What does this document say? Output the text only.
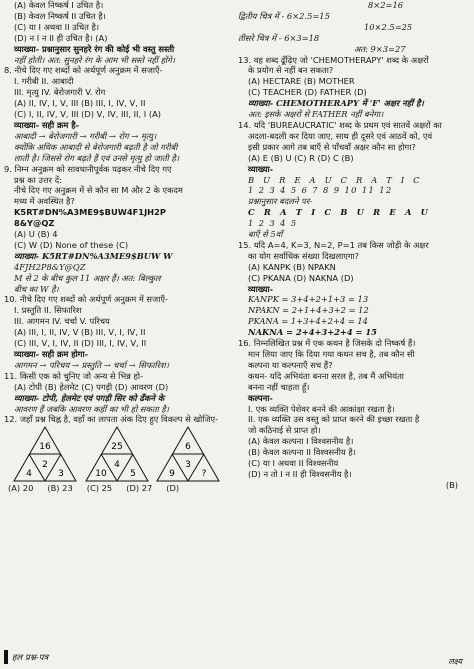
(A) केवल निष्कर्ष I उचित है।
(B) केवल निष्कर्ष II उचित है।
(C) या I अथवा II उचित है।
(D) न I न II ही उचित है। (A)
व्याख्या- प्रश्नानुसार सुनहरे रंग की कोई भी वस्तु सस्ती
नहीं होती। अत: सुनहरे रंग के आम भी सस्ते नहीं होंगे।
8. नीचे दिए गए शब्दों को अर्थपूर्ण अनुक्रम में सजाएँ-
I. गरीबी II. आबादी
III. मृत्यु IV. बेरोजगारी V. रोग
(A) II, IV, I, V, III (B) III, I, IV, V, II
(C) I, II, IV, V, III (D) V, IV, III, II, I (A)
व्याख्या- सही क्रम है-
आबादी → बेरोजगारी → गरीबी → रोग → मृत्यु।
क्योंकि अधिक आबादी से बेरोजगारी बढ़ती है जो गरीबी
लाती है। जिससे रोग बढ़ते हैं एवं उनसे मृत्यु हो जाती है।
9. निम्न अनुक्रम को सावधानीपूर्वक पढ़कर नीचे दिए गए
प्रश्न का उत्तर दें:
नीचे दिए गए अनुक्रम में से कौन सा M और 2 के एकदम
मध्य में अवस्थित है?
K5RT#DN%A3ME9$BUW4F1JH2P
8&Y@QZ
(A) U (B) 4
(C) W (D) None of these (C)
व्याख्या- K5RT#DN%A3ME9$BUW W
4FJH2P8&Y@QZ
M से 2 के बीच कुल 11 अक्षर हैं। अत: बिल्कुल
बीच का W है।
10. नीचे दिए गए शब्दों को अर्थपूर्ण अनुक्रम में सजाएँ-
I. प्रस्तुति II. सिफारिश
III. आगमन IV. चर्चा V. परिचय
(A) III, I, II, IV, V (B) III, V, I, IV, II
(C) III, V, I, IV, II (D) III, I, IV, V, II
व्याख्या- सही क्रम होगा-
आगमन → परिचय → प्रस्तुति → चर्चा → सिफारिश।
11. किसी एक को चुनिए जो अन्य से भिन्न हो-
(A) टोपी (B) हेलमेट (C) पगड़ी (D) आवरण (D)
व्याख्या- टोपी, हेलमेट एवं पगड़ी सिर को ढँकने के
आवरण हैं जबकि आवरण कहीं का भी हो सकता है।
12. जहाँ प्रश्न चिह्न है, वहाँ का लापता अंक दिए हुए विकल्प से खोजिए-
16
4
2
3
25
10
4
5
6
9
3
?
(A) 20 (B) 23 (C) 25 (D) 27 (D)
8×2=16
द्वितीय चित्र में - 6×2.5=15
10×2.5=25
तीसरे चित्र में - 6×3=18
अत: 9×3=27
13. वह शब्द ढूँढ़िए जो 'CHEMOTHERAPY' शब्द के अक्षरों
के प्रयोग से नहीं बन सकता?
(A) HECTARE (B) MOTHER
(C) TEACHER (D) FATHER (D)
व्याख्या- CHEMOTHERAPY में 'F' अक्षर नहीं है।
अत: इसके अक्षरों से FATHER नहीं बनेगा।
14. यदि 'BUREAUCRATIC' शब्द के प्रथम एवं सातवें अक्षरों का
अदला-बदली कर दिया जाए, साथ ही दूसरे एवं आठवें को, एवं
इसी प्रकार आगे तब बाएँ से पाँचवाँ अक्षर कौन सा होगा?
(A) E (B) U (C) R (D) C (B)
व्याख्या-
B U R E A U C R A T I C
1 2 3 4 5 6 7 8 9 10 11 12
प्रश्नानुसार बदलने पर-
C R A T I C B U R E A U
1 2 3 4 5
बाएँ से 5वाँ
15. यदि A=4, K=3, N=2, P=1 तब किस जोड़ी के अक्षर
का योग सर्वाधिक संख्या दिखलाएगा?
(A) KANPK (B) NPAKN
(C) PKANA (D) NAKNA (D)
व्याख्या-
KANPK = 3+4+2+1+3 = 13
NPAKN = 2+1+4+3+2 = 12
PKANA = 1+3+4+2+4 = 14
NAKNA = 2+4+3+2+4 = 15
16. निम्नलिखित प्रश्न में एक कथन है जिसके दो निष्कर्ष हैं।
मान लिया जाए कि दिया गया कथन सच है, तब कौन सी
कल्पना या कल्पनाएँ सच हैं?
कथन- यदि अभियंता बनना सरल है, तब मैं अभियंता
बनना नहीं चाहता हूँ।
कल्पना-
I. एक व्यक्ति पेशेवर बनने की आकांक्षा रखता है।
II. एक व्यक्ति उस वस्तु को प्राप्त करने की इच्छा रखता है
जो कठिनाई से प्राप्त हो।
(A) केवल कल्पना I विश्वसनीय है।
(B) केवल कल्पना II विश्वसनीय है।
(C) या I अथवा II विश्वसनीय
(D) न तो I न II ही विश्वसनीय है।
(B)
हल प्रश्न-पत्र	लक्ष्य
